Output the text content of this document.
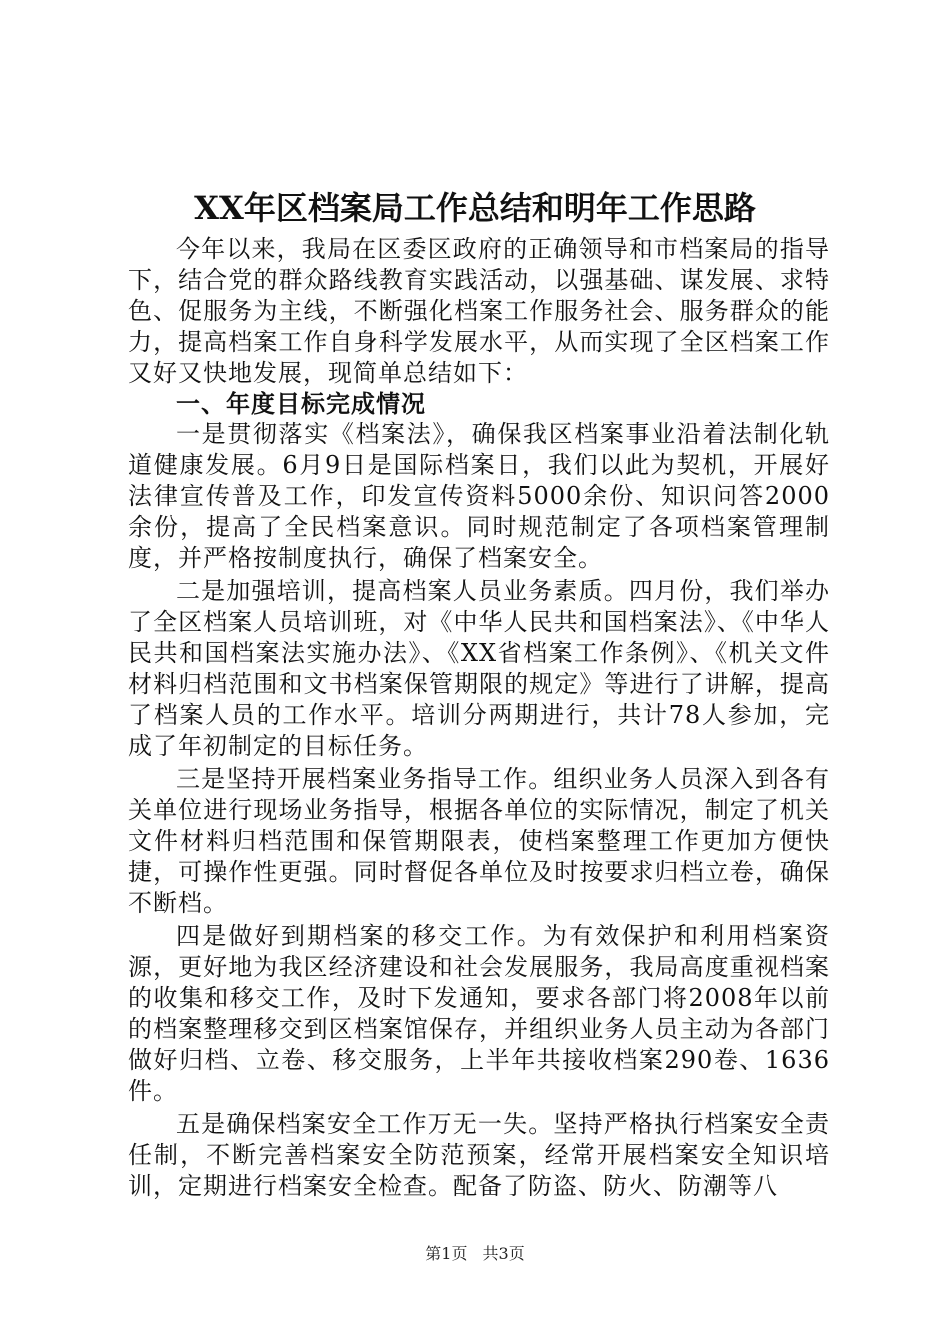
XX年区档案局工作总结和明年工作思路

今年以来，我局在区委区政府的正确领导和市档案局的指导下，结合党的群众路线教育实践活动，以强基础、谋发展、求特色、促服务为主线，不断强化档案工作服务社会、服务群众的能力，提高档案工作自身科学发展水平，从而实现了全区档案工作又好又快地发展，现简单总结如下：

一、年度目标完成情况

一是贯彻落实《档案法》，确保我区档案事业沿着法制化轨道健康发展。6月9日是国际档案日，我们以此为契机，开展好法律宣传普及工作，印发宣传资料5000余份、知识问答2000余份，提高了全民档案意识。同时规范制定了各项档案管理制度，并严格按制度执行，确保了档案安全。

二是加强培训，提高档案人员业务素质。四月份，我们举办了全区档案人员培训班，对《中华人民共和国档案法》、《中华人民共和国档案法实施办法》、《XX省档案工作条例》、《机关文件材料归档范围和文书档案保管期限的规定》等进行了讲解，提高了档案人员的工作水平。培训分两期进行，共计78人参加，完成了年初制定的目标任务。

三是坚持开展档案业务指导工作。组织业务人员深入到各有关单位进行现场业务指导，根据各单位的实际情况，制定了机关文件材料归档范围和保管期限表，使档案整理工作更加方便快捷，可操作性更强。同时督促各单位及时按要求归档立卷，确保不断档。

四是做好到期档案的移交工作。为有效保护和利用档案资源，更好地为我区经济建设和社会发展服务，我局高度重视档案的收集和移交工作，及时下发通知，要求各部门将2008年以前的档案整理移交到区档案馆保存，并组织业务人员主动为各部门做好归档、立卷、移交服务，上半年共接收档案290卷、1636件。

五是确保档案安全工作万无一失。坚持严格执行档案安全责任制，不断完善档案安全防范预案，经常开展档案安全知识培训，定期进行档案安全检查。配备了防盗、防火、防潮等八

第1页 共3页
